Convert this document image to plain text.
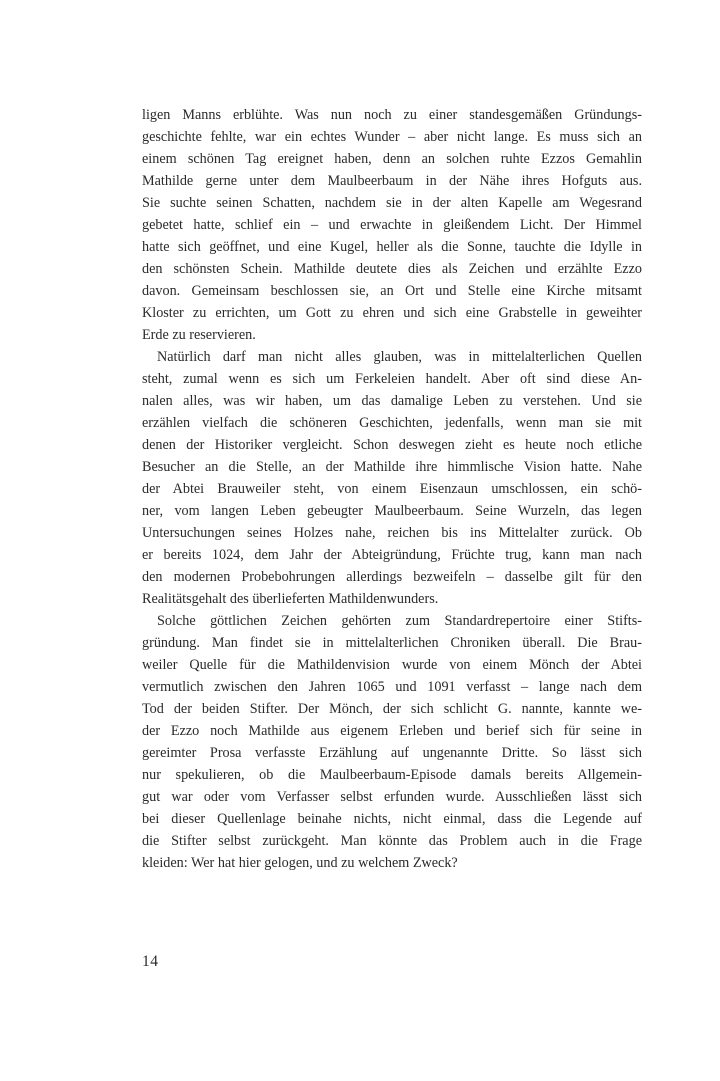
ligen Manns erblühte. Was nun noch zu einer standesgemäßen Gründungs-
geschichte fehlte, war ein echtes Wunder – aber nicht lange. Es muss sich an
einem schönen Tag ereignet haben, denn an solchen ruhte Ezzos Gemahlin
Mathilde gerne unter dem Maulbeerbaum in der Nähe ihres Hofguts aus.
Sie suchte seinen Schatten, nachdem sie in der alten Kapelle am Wegesrand
gebetet hatte, schlief ein – und erwachte in gleißendem Licht. Der Himmel
hatte sich geöffnet, und eine Kugel, heller als die Sonne, tauchte die Idylle in
den schönsten Schein. Mathilde deutete dies als Zeichen und erzählte Ezzo
davon. Gemeinsam beschlossen sie, an Ort und Stelle eine Kirche mitsamt
Kloster zu errichten, um Gott zu ehren und sich eine Grabstelle in geweihter
Erde zu reservieren.
Natürlich darf man nicht alles glauben, was in mittelalterlichen Quellen
steht, zumal wenn es sich um Ferkeleien handelt. Aber oft sind diese An-
nalen alles, was wir haben, um das damalige Leben zu verstehen. Und sie
erzählen vielfach die schöneren Geschichten, jedenfalls, wenn man sie mit
denen der Historiker vergleicht. Schon deswegen zieht es heute noch etliche
Besucher an die Stelle, an der Mathilde ihre himmlische Vision hatte. Nahe
der Abtei Brauweiler steht, von einem Eisenzaun umschlossen, ein schö-
ner, vom langen Leben gebeugter Maulbeerbaum. Seine Wurzeln, das legen
Untersuchungen seines Holzes nahe, reichen bis ins Mittelalter zurück. Ob
er bereits 1024, dem Jahr der Abteigründung, Früchte trug, kann man nach
den modernen Probebohrungen allerdings bezweifeln – dasselbe gilt für den
Realitätsgehalt des überlieferten Mathildenwunders.
Solche göttlichen Zeichen gehörten zum Standardrepertoire einer Stifts-
gründung. Man findet sie in mittelalterlichen Chroniken überall. Die Brau-
weiler Quelle für die Mathildenvision wurde von einem Mönch der Abtei
vermutlich zwischen den Jahren 1065 und 1091 verfasst – lange nach dem
Tod der beiden Stifter. Der Mönch, der sich schlicht G. nannte, kannte we-
der Ezzo noch Mathilde aus eigenem Erleben und berief sich für seine in
gereimter Prosa verfasste Erzählung auf ungenannte Dritte. So lässt sich
nur spekulieren, ob die Maulbeerbaum-Episode damals bereits Allgemein-
gut war oder vom Verfasser selbst erfunden wurde. Ausschließen lässt sich
bei dieser Quellenlage beinahe nichts, nicht einmal, dass die Legende auf
die Stifter selbst zurückgeht. Man könnte das Problem auch in die Frage
kleiden: Wer hat hier gelogen, und zu welchem Zweck?
14
